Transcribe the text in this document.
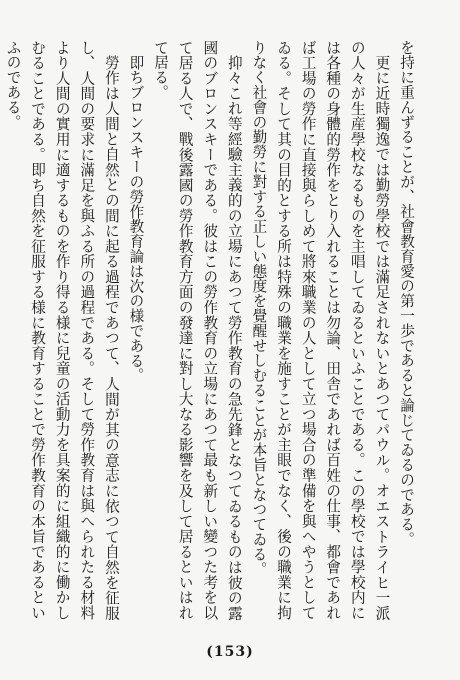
を持に重んずることが、社會教育愛の第一歩であると論じてゐるのである。

更に近時獨逸では勤勞學校では滿足されないとあつてパウル。オエストライヒ一派の人々が生産學校なるものを主唱してゐるといふことである。この學校では學校内には各種の身體的勞作をとり入れることは勿論、田舎であれば百姓の仕事、都會であれば工場の勞作に直接與らしめて將來職業の人として立つ場合の準備を與へやうとしてゐる。そして其の目的とする所は特殊の職業を施すことが主眼でなく、後の職業に拘りなく社會の勤勞に對する正しい態度を覺醒せしむることが本旨となつてゐる。

抑々これ等經驗主義的の立場にあつて勞作教育の急先鋒となつてゐるものは彼の露國のブロンスキーである。彼はこの勞作教育の立場にあつて最も新しい變つた考を以て居る人で、戰後露國の勞作教育方面の發達に對し大なる影響を及して居るといはれて居る。

即ちブロンスキーの勞作教育論は次の様である。

勞作は人間と自然との間に起る過程であつて、人間が其の意志に依つて自然を征服し、人間の要求に滿足を與ふる所の過程である。そして勞作教育は與へられたる材料より人間の實用に適するものを作り得る様に兒童の活動力を具案的に組織的に働かしむることである。即ち自然を征服する様に教育することで勞作教育の本旨であるといふのである。

(153)
